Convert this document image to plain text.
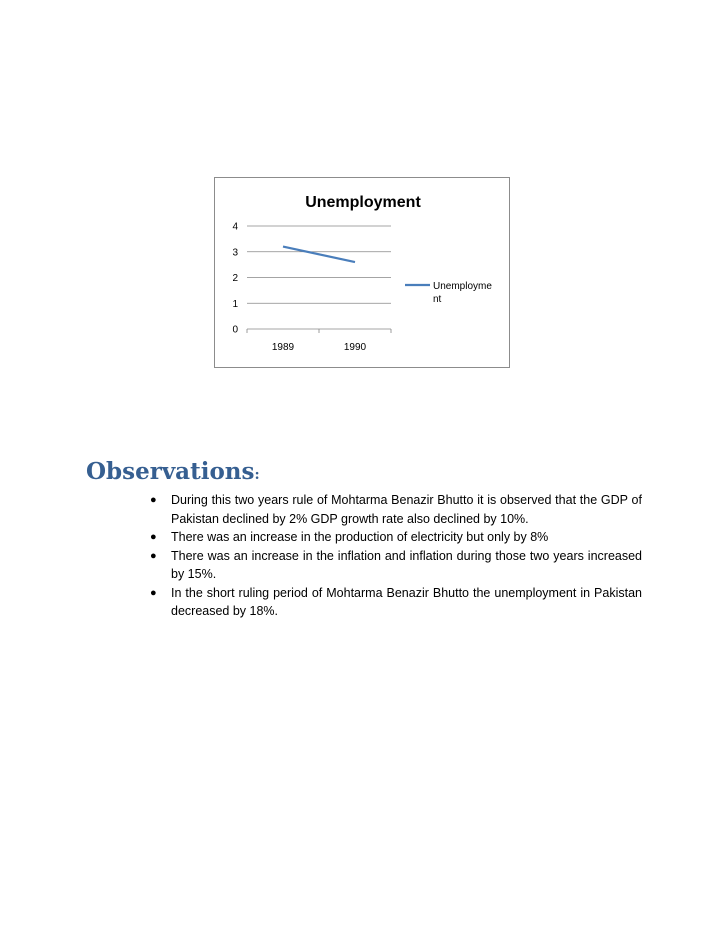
Unemployment
0
1
2
3
4
1989	1990
Unemployme
nt
Observations:
●	During this two years rule of Mohtarma Benazir Bhutto it is observed that the GDP of Pakistan declined by 2% GDP growth rate also declined by 10%.
●	There was an increase in the production of electricity but only by 8%
●	There was an increase in the inflation and inflation during those two years increased by 15%.
●	In the short ruling period of Mohtarma Benazir Bhutto the unemployment in Pakistan decreased by 18%.
